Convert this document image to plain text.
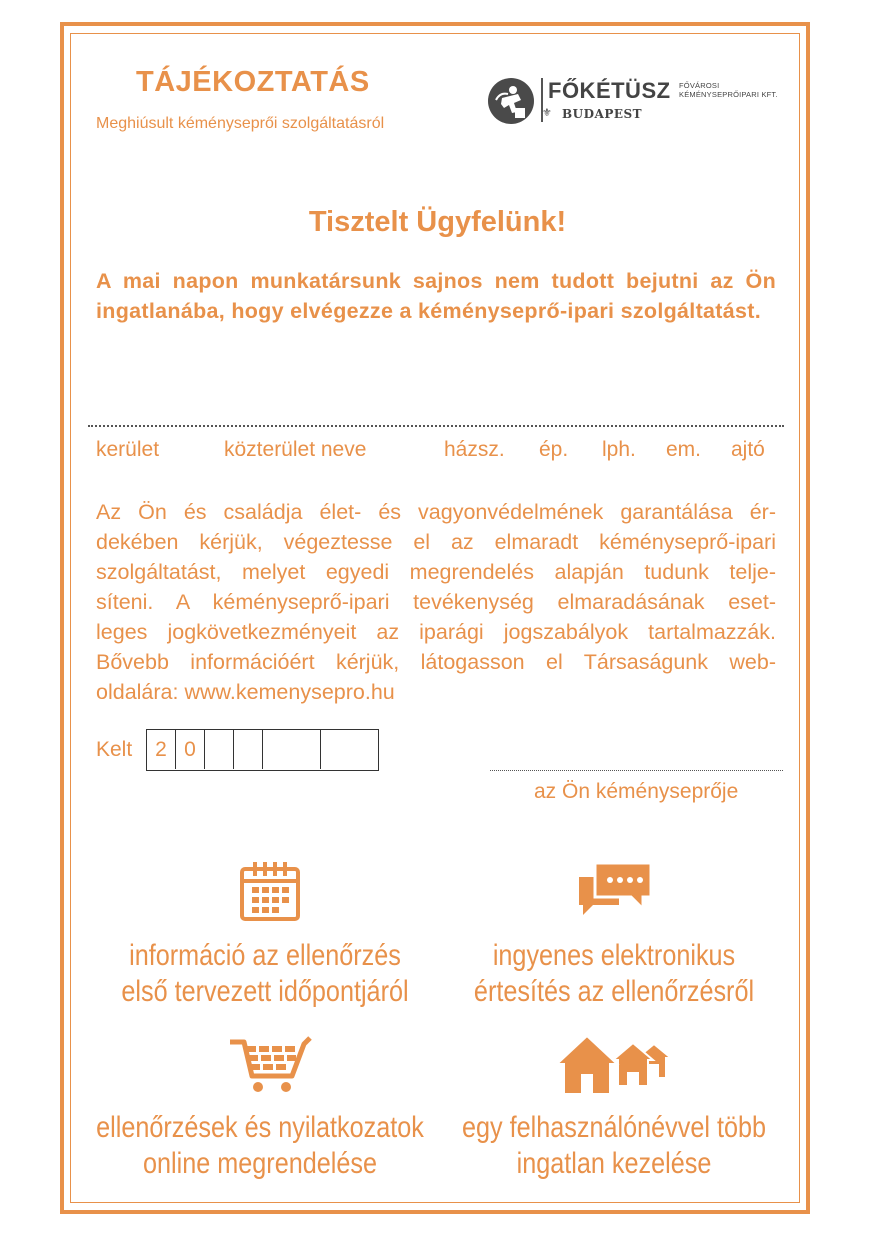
TÁJÉKOZTATÁS
Meghiúsult kéményseprői szolgáltatásról
FŐKÉTÜSZ FŐVÁROSI
KÉMÉNYSEPRŐIPARI KFT.
⚜ BUDAPEST
Tisztelt Ügyfelünk!
A mai napon munkatársunk sajnos nem tudott bejutni az Ön ingatlanába, hogy elvégezze a kéményseprő-ipari szolgáltatást.
kerület	közterület neve	házsz. ép. lph. em. ajtó
Az Ön és családja élet- és vagyonvédelmének garantálása ér-
dekében kérjük, végeztesse el az elmaradt kéményseprő-ipari
szolgáltatást, melyet egyedi megrendelés alapján tudunk telje-
síteni. A kéményseprő-ipari tevékenység elmaradásának eset-
leges jogkövetkezményeit az iparági jogszabályok tartalmazzák.
Bővebb információért kérjük, látogasson el Társaságunk web-
oldalára: www.kemenysepro.hu
Kelt	2 0
az Ön kéményseprője
információ az ellenőrzés
első tervezett időpontjáról
ingyenes elektronikus
értesítés az ellenőrzésről
ellenőrzések és nyilatkozatok
online megrendelése
egy felhasználónévvel több
ingatlan kezelése
